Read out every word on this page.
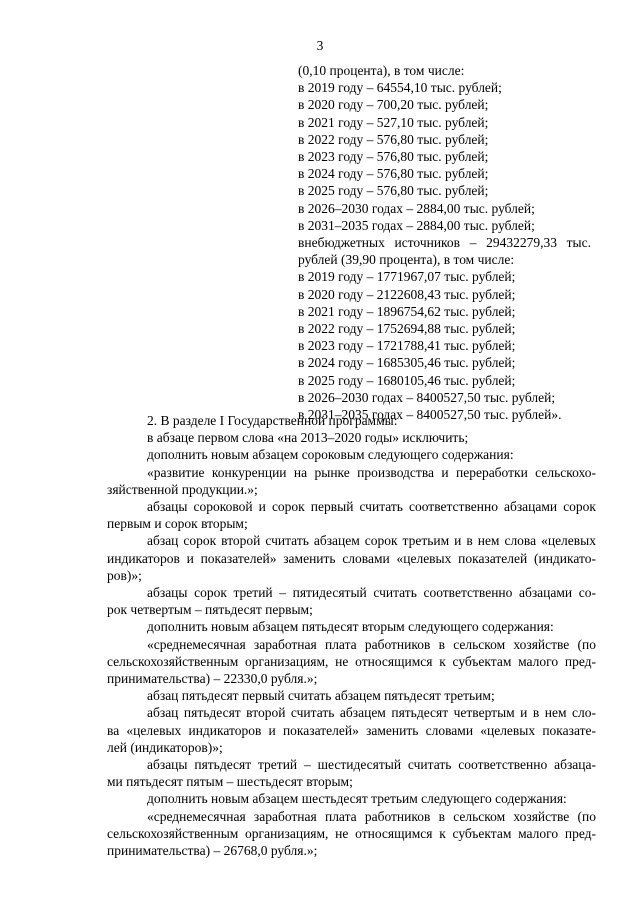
3
(0,10 процента), в том числе:
в 2019 году – 64554,10 тыс. рублей;
в 2020 году – 700,20 тыс. рублей;
в 2021 году – 527,10 тыс. рублей;
в 2022 году – 576,80 тыс. рублей;
в 2023 году – 576,80 тыс. рублей;
в 2024 году – 576,80 тыс. рублей;
в 2025 году – 576,80 тыс. рублей;
в 2026–2030 годах – 2884,00 тыс. рублей;
в 2031–2035 годах – 2884,00 тыс. рублей;
внебюджетных источников – 29432279,33 тыс.
рублей (39,90 процента), в том числе:
в 2019 году – 1771967,07 тыс. рублей;
в 2020 году – 2122608,43 тыс. рублей;
в 2021 году – 1896754,62 тыс. рублей;
в 2022 году – 1752694,88 тыс. рублей;
в 2023 году – 1721788,41 тыс. рублей;
в 2024 году – 1685305,46 тыс. рублей;
в 2025 году – 1680105,46 тыс. рублей;
в 2026–2030 годах – 8400527,50 тыс. рублей;
в 2031–2035 годах – 8400527,50 тыс. рублей».
2. В разделе I Государственной программы:
в абзаце первом слова «на 2013–2020 годы» исключить;
дополнить новым абзацем сороковым следующего содержания:
«развитие конкуренции на рынке производства и переработки сельскохо-
зяйственной продукции.»;
абзацы сороковой и сорок первый считать соответственно абзацами сорок
первым и сорок вторым;
абзац сорок второй считать абзацем сорок третьим и в нем слова «целевых
индикаторов и показателей» заменить словами «целевых показателей (индикато-
ров)»;
абзацы сорок третий – пятидесятый считать соответственно абзацами со-
рок четвертым – пятьдесят первым;
дополнить новым абзацем пятьдесят вторым следующего содержания:
«среднемесячная заработная плата работников в сельском хозяйстве (по
сельскохозяйственным организациям, не относящимся к субъектам малого пред-
принимательства) – 22330,0 рубля.»;
абзац пятьдесят первый считать абзацем пятьдесят третьим;
абзац пятьдесят второй считать абзацем пятьдесят четвертым и в нем сло-
ва «целевых индикаторов и показателей» заменить словами «целевых показате-
лей (индикаторов)»;
абзацы пятьдесят третий – шестидесятый считать соответственно абзаца-
ми пятьдесят пятым – шестьдесят вторым;
дополнить новым абзацем шестьдесят третьим следующего содержания:
«среднемесячная заработная плата работников в сельском хозяйстве (по
сельскохозяйственным организациям, не относящимся к субъектам малого пред-
принимательства) – 26768,0 рубля.»;
